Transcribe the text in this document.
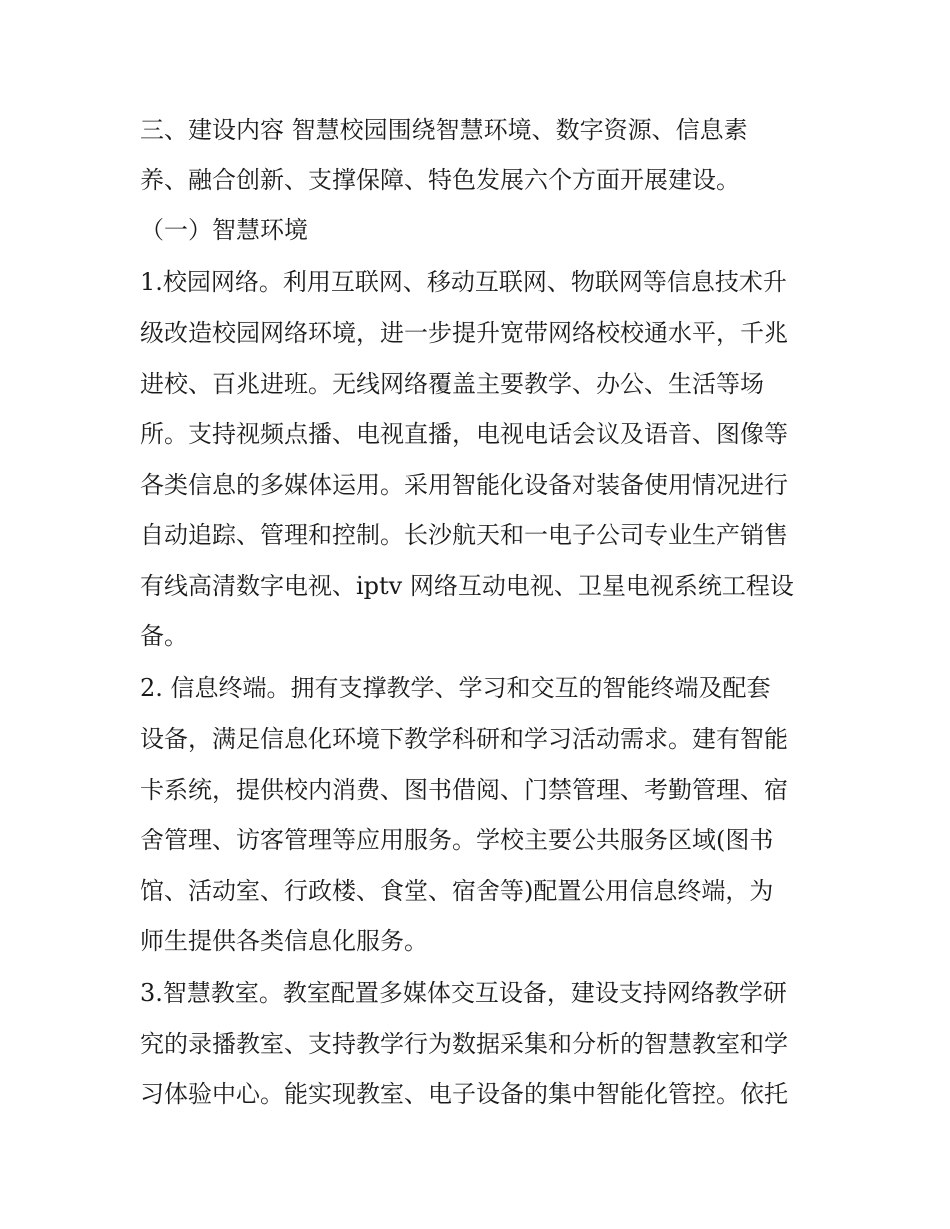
三、建设内容 智慧校园围绕智慧环境、数字资源、信息素

养、融合创新、支撑保障、特色发展六个方面开展建设。

（一）智慧环境

1.校园网络。利用互联网、移动互联网、物联网等信息技术升

级改造校园网络环境，进一步提升宽带网络校校通水平，千兆

进校、百兆进班。无线网络覆盖主要教学、办公、生活等场

所。支持视频点播、电视直播，电视电话会议及语音、图像等

各类信息的多媒体运用。采用智能化设备对装备使用情况进行

自动追踪、管理和控制。长沙航天和一电子公司专业生产销售

有线高清数字电视、iptv 网络互动电视、卫星电视系统工程设

备。

2. 信息终端。拥有支撑教学、学习和交互的智能终端及配套

设备，满足信息化环境下教学科研和学习活动需求。建有智能

卡系统，提供校内消费、图书借阅、门禁管理、考勤管理、宿

舍管理、访客管理等应用服务。学校主要公共服务区域(图书

馆、活动室、行政楼、食堂、宿舍等)配置公用信息终端，为

师生提供各类信息化服务。

3.智慧教室。教室配置多媒体交互设备，建设支持网络教学研

究的录播教室、支持教学行为数据采集和分析的智慧教室和学

习体验中心。能实现教室、电子设备的集中智能化管控。依托
